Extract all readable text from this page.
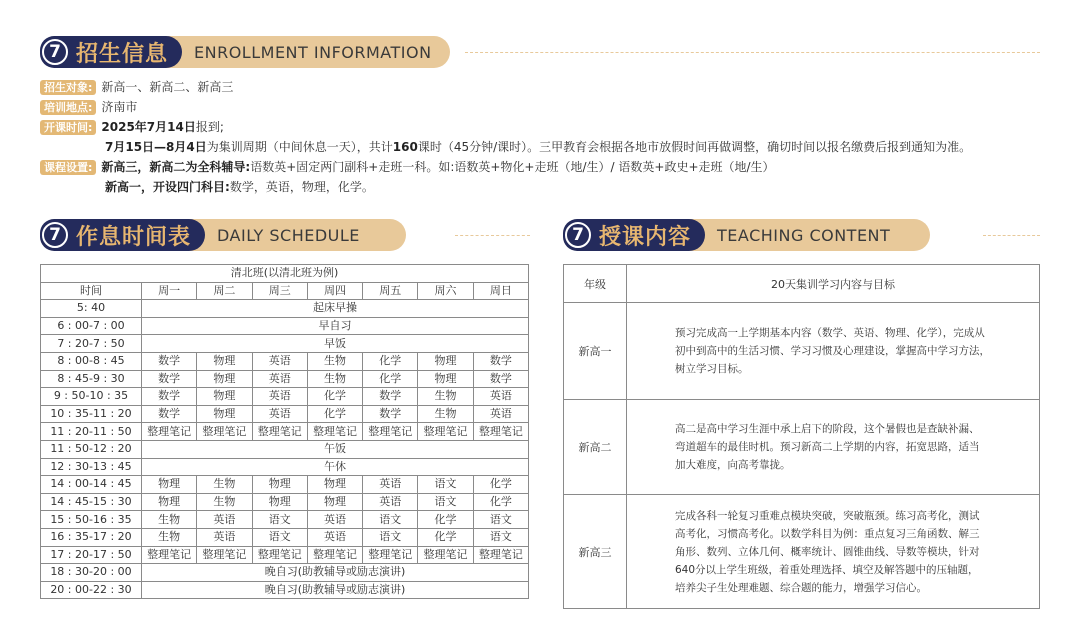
7 招生信息	ENROLLMENT INFORMATION
招生对象: 新高一、新高二、新高三
培训地点: 济南市
开课时间: 2025年7月14日 报到;
7月15日—8月4日 为集训周期（中间休息一天），共计 160 课时（45分钟/课时）。三甲教育会根据各地市放假时间再做调整，确切时间以报名缴费后报到通知为准。
课程设置: 新高三，新高二为全科辅导: 语数英+固定两门副科+走班一科。如:语数英+物化+走班（地/生）/ 语数英+政史+走班（地/生）
新高一，开设四门科目: 数学，英语，物理，化学。
7 作息时间表	DAILY SCHEDULE	7 授课内容	TEACHING CONTENT
清北班(以清北班为例)							
时间	周一	周二	周三	周四	周五	周六	周日
5: 40	起床早操						
6 : 00-7 : 00	早自习						
7 : 20-7 : 50	早饭						
8 : 00-8 : 45	数学	物理	英语	生物	化学	物理	数学
8 : 45-9 : 30	数学	物理	英语	生物	化学	物理	数学
9 : 50-10 : 35	数学	物理	英语	化学	数学	生物	英语
10 : 35-11 : 20	数学	物理	英语	化学	数学	生物	英语
11 : 20-11 : 50	整理笔记	整理笔记	整理笔记	整理笔记	整理笔记	整理笔记	整理笔记
11 : 50-12 : 20	午饭						
12 : 30-13 : 45	午休						
14 : 00-14 : 45	物理	生物	物理	物理	英语	语文	化学
14 : 45-15 : 30	物理	生物	物理	物理	英语	语文	化学
15 : 50-16 : 35	生物	英语	语文	英语	语文	化学	语文
16 : 35-17 : 20	生物	英语	语文	英语	语文	化学	语文
17 : 20-17 : 50	整理笔记	整理笔记	整理笔记	整理笔记	整理笔记	整理笔记	整理笔记
18 : 30-20 : 00	晚自习(助教辅导或励志演讲)						
20 : 00-22 : 30	晚自习(助教辅导或励志演讲)						
年级	20天集训学习内容与目标
新高一	预习完成高一上学期基本内容（数学、英语、物理、化学），完成从
初中到高中的生活习惯、学习习惯及心理建设，掌握高中学习方法，
树立学习目标。

新高二	高二是高中学习生涯中承上启下的阶段，这个暑假也是查缺补漏、
弯道超车的最佳时机。预习新高二上学期的内容，拓宽思路，适当
加大难度，向高考靠拢。

新高三	完成各科一轮复习重难点模块突破，突破瓶颈。练习高考化，测试
高考化，习惯高考化。以数学科目为例：重点复习三角函数、解三
角形、数列、立体几何、概率统计、圆锥曲线、导数等模块，针对
640分以上学生班级，着重处理选择、填空及解答题中的压轴题，
培养尖子生处理难题、综合题的能力，增强学习信心。
